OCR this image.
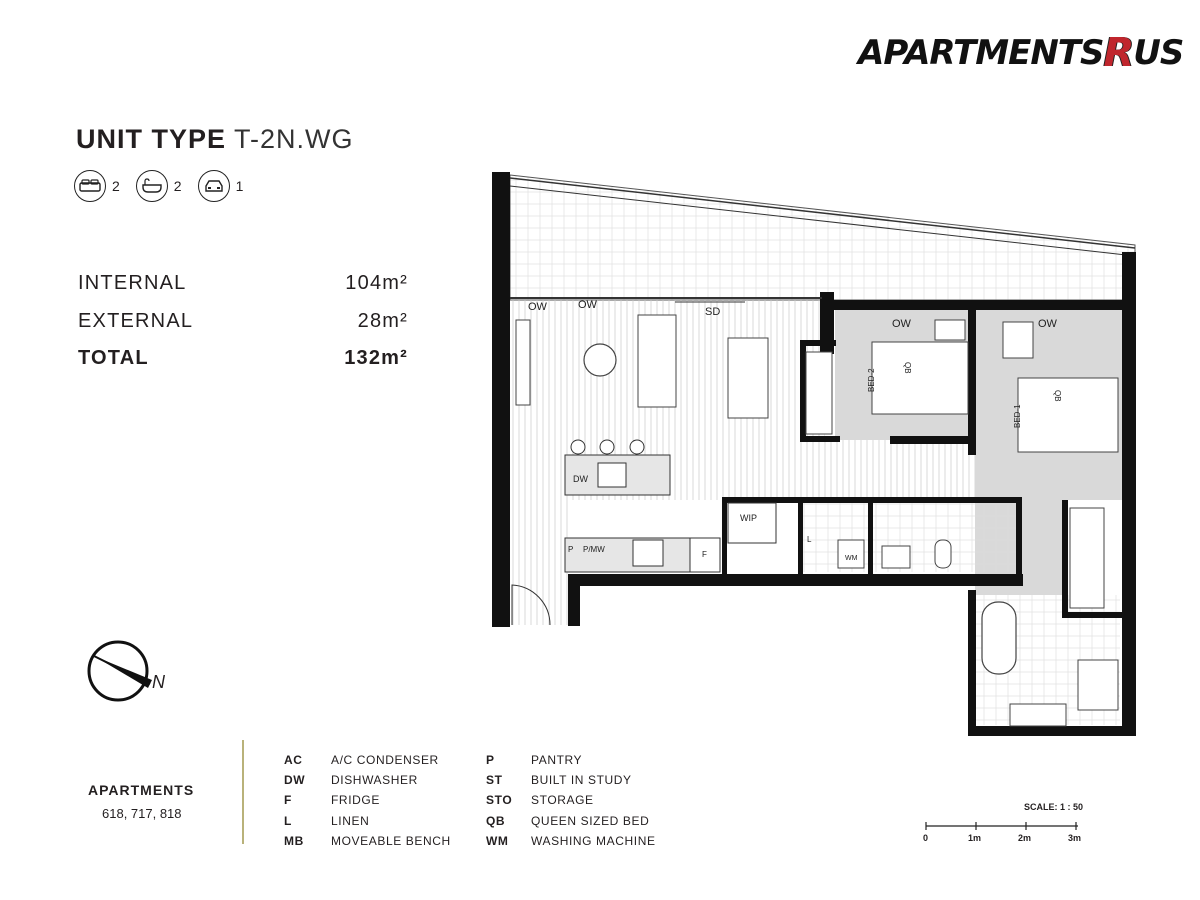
APARTMENTS R US
UNIT TYPE T-2N.WG
2	2	1
INTERNAL	104m²
EXTERNAL	28m²
TOTAL	132m²
N
APARTMENTS
618, 717, 818
AC A/C CONDENSER
DW DISHWASHER
F	FRIDGE
L	LINEN
MB MOVEABLE BENCH
P	PANTRY
ST BUILT IN STUDY
STO STORAGE
QB QUEEN SIZED BED
WM WASHING MACHINE
SCALE: 1 : 50
0	1m	2m	3m
OW	OW
SD
OW	OW
BED-2
BED-1
QB
QB
DW
WIP
P P/MW
F
L
WM
